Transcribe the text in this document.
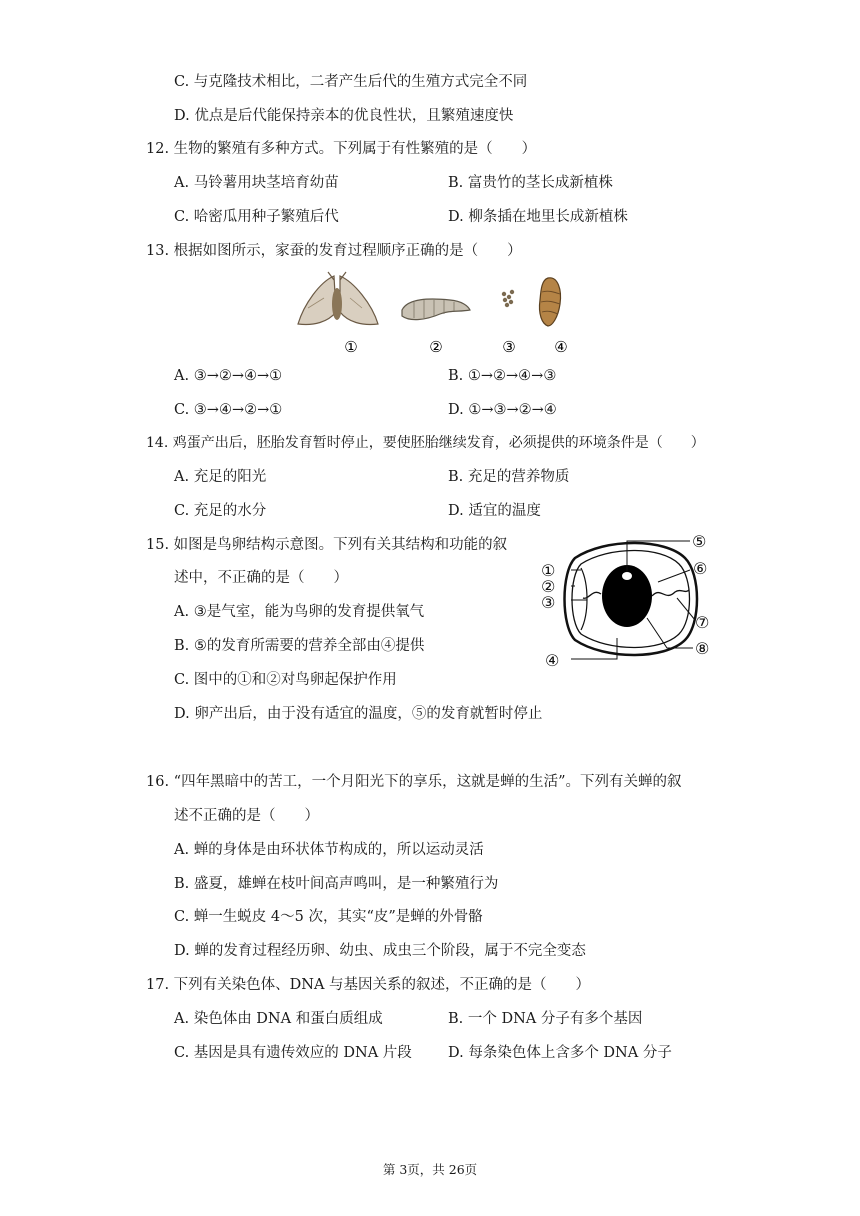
C. 与克隆技术相比，二者产生后代的生殖方式完全不同
D. 优点是后代能保持亲本的优良性状，且繁殖速度快
12. 生物的繁殖有多种方式。下列属于有性繁殖的是（　　）
A. 马铃薯用块茎培育幼苗	B. 富贵竹的茎长成新植株
C. 哈密瓜用种子繁殖后代	D. 柳条插在地里长成新植株
13. 根据如图所示，家蚕的发育过程顺序正确的是（　　）
①	②	③	④
A. ③→②→④→①	B. ①→②→④→③
C. ③→④→②→①	D. ①→③→②→④
14. 鸡蛋产出后，胚胎发育暂时停止，要使胚胎继续发育，必须提供的环境条件是（　　）
A. 充足的阳光	B. 充足的营养物质
C. 充足的水分	D. 适宜的温度
15. 如图是鸟卵结构示意图。下列有关其结构和功能的叙
述中，不正确的是（　　）
A. ③是气室，能为鸟卵的发育提供氧气
B. ⑤的发育所需要的营养全部由④提供
C. 图中的①和②对鸟卵起保护作用
D. 卵产出后，由于没有适宜的温度，⑤的发育就暂时停止
①
②
③
④
⑤
⑥
⑦
⑧
16. “四年黑暗中的苦工，一个月阳光下的享乐，这就是蝉的生活”。下列有关蝉的叙
述不正确的是（　　）
A. 蝉的身体是由环状体节构成的，所以运动灵活
B. 盛夏，雄蝉在枝叶间高声鸣叫，是一种繁殖行为
C. 蝉一生蜕皮 4～5 次，其实“皮”是蝉的外骨骼
D. 蝉的发育过程经历卵、幼虫、成虫三个阶段，属于不完全变态
17. 下列有关染色体、DNA 与基因关系的叙述，不正确的是（　　）
A. 染色体由 DNA 和蛋白质组成	B. 一个 DNA 分子有多个基因
C. 基因是具有遗传效应的 DNA 片段 D. 每条染色体上含多个 DNA 分子
第 3页，共 26页
